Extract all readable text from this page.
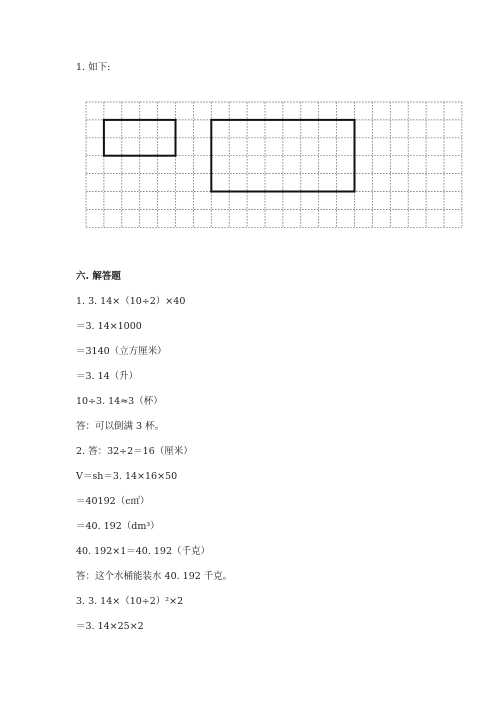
1. 如下:
六. 解答题
1. 3. 14×（10÷2）×40
＝3. 14×1000
＝3140（立方厘米）
＝3. 14（升）
10÷3. 14≈3（杯）
答：可以倒满 3 杯。
2. 答：32÷2＝16（厘米）
V＝sh＝3. 14×16×50
＝40192（c㎡）
＝40. 192（dm³）
40. 192×1＝40. 192（千克）
答：这个水桶能装水 40. 192 千克。
3. 3. 14×（10÷2）²×2
＝3. 14×25×2
